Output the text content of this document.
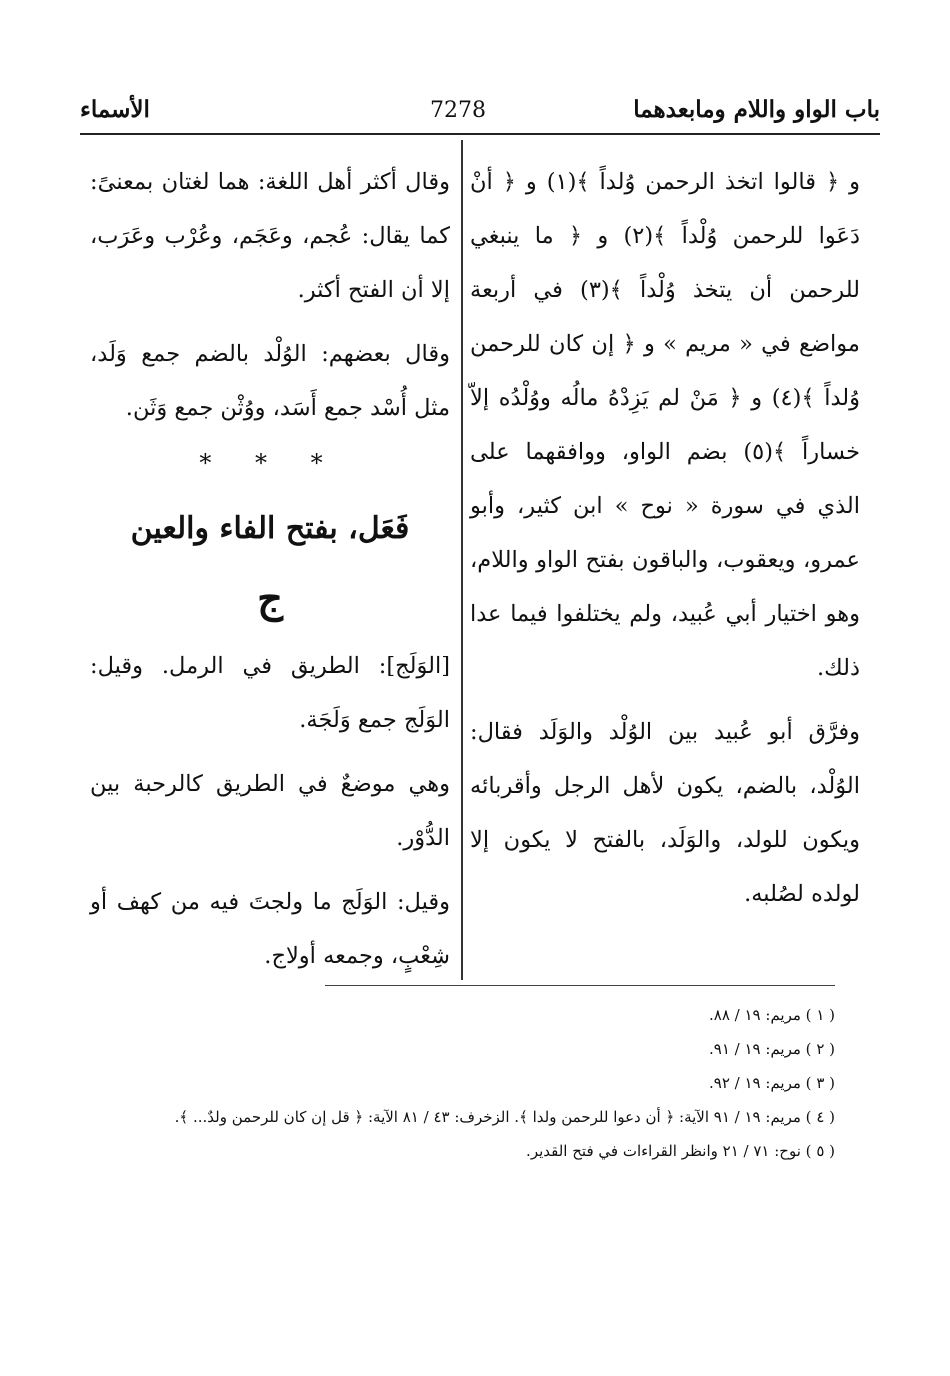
باب الواو واللام ومابعدهما
7278
الأسماء

و ﴿ قالوا اتخذ الرحمن وُلداً ﴾(١) و ﴿ أنْ دَعَوا للرحمن وُلْداً ﴾(٢) و ﴿ ما ينبغي للرحمن أن يتخذ وُلْداً ﴾(٣) في أربعة مواضع في « مريم » و ﴿ إن كان للرحمن وُلداً ﴾(٤) و ﴿ مَنْ لم يَزِدْهُ مالُه ووُلْدُه إلاّ خساراً ﴾(٥) بضم الواو، ووافقهما على الذي في سورة « نوح » ابن كثير، وأبو عمرو، ويعقوب، والباقون بفتح الواو واللام، وهو اختيار أبي عُبيد، ولم يختلفوا فيما عدا ذلك.

وفرَّق أبو عُبيد بين الوُلْد والوَلَد فقال: الوُلْد، بالضم، يكون لأهل الرجل وأقربائه ويكون للولد، والوَلَد، بالفتح لا يكون إلا لولده لصُلبه.

وقال أكثر أهل اللغة: هما لغتان بمعنىً: كما يقال: عُجم، وعَجَم، وعُرْب وعَرَب، إلا أن الفتح أكثر.

وقال بعضهم: الوُلْد بالضم جمع وَلَد، مثل أُسْد جمع أَسَد، ووُثْن جمع وَثَن.

* * *
فَعَل، بفتح الفاء والعين
ج

[الوَلَج]: الطريق في الرمل. وقيل: الوَلَج جمع وَلَجَة.

وهي موضعٌ في الطريق كالرحبة بين الدُّوْر.

وقيل: الوَلَج ما ولجتَ فيه من كهف أو شِعْبٍ، وجمعه أولاج.

( ١ ) مريم: ١٩ / ٨٨.

( ٢ ) مريم: ١٩ / ٩١.

( ٣ ) مريم: ١٩ / ٩٢.

( ٤ ) مريم: ١٩ / ٩١ الآية: ﴿ أن دعوا للرحمن ولدا ﴾. الزخرف: ٤٣ / ٨١ الآية: ﴿ قل إن كان للرحمن ولدٌ... ﴾.

( ٥ ) نوح: ٧١ / ٢١ وانظر القراءات في فتح القدير.
